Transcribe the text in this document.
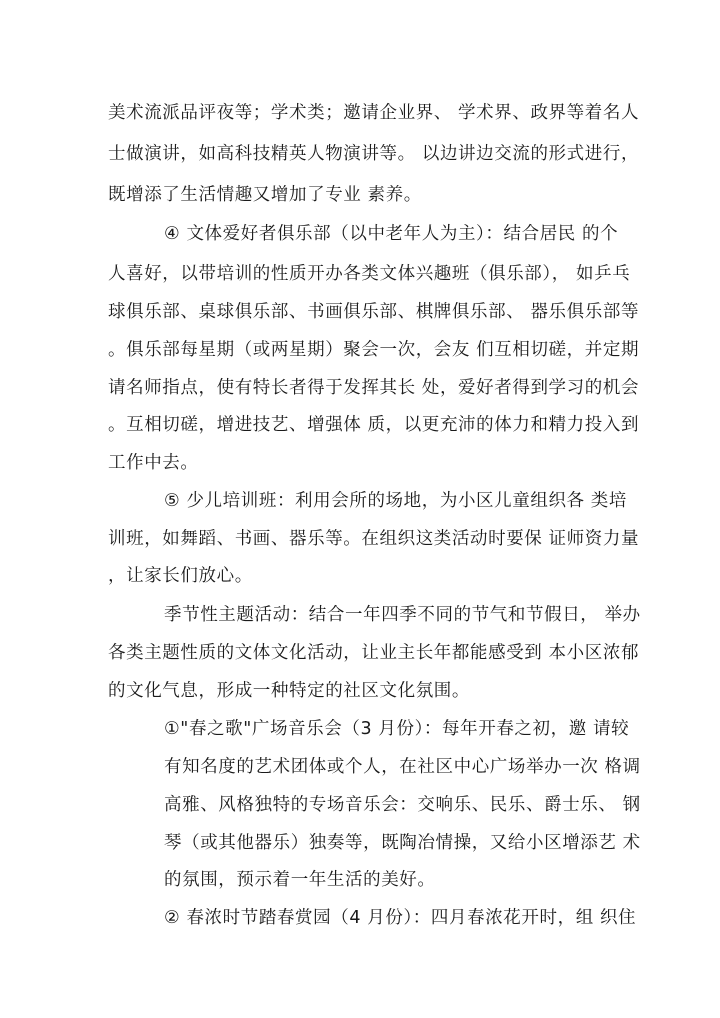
美术流派品评夜等；学术类；邀请企业界、 学术界、政界等着名人
士做演讲，如高科技精英人物演讲等。 以边讲边交流的形式进行，
既增添了生活情趣又增加了专业 素养。
④ 文体爱好者俱乐部（以中老年人为主）：结合居民 的个
人喜好，以带培训的性质开办各类文体兴趣班（俱乐部）， 如乒乓
球俱乐部、桌球俱乐部、书画俱乐部、棋牌俱乐部、 器乐俱乐部等
。俱乐部每星期（或两星期）聚会一次，会友 们互相切磋，并定期
请名师指点，使有特长者得于发挥其长 处，爱好者得到学习的机会
。互相切磋，增进技艺、增强体 质，以更充沛的体力和精力投入到
工作中去。
⑤ 少儿培训班：利用会所的场地，为小区儿童组织各 类培
训班，如舞蹈、书画、器乐等。在组织这类活动时要保 证师资力量
，让家长们放心。
季节性主题活动：结合一年四季不同的节气和节假日， 举办
各类主题性质的文体文化活动，让业主长年都能感受到 本小区浓郁
的文化气息，形成一种特定的社区文化氛围。
①"春之歌"广场音乐会（3 月份）：每年开春之初，邀 请较
有知名度的艺术团体或个人，在社区中心广场举办一次 格调
高雅、风格独特的专场音乐会：交响乐、民乐、爵士乐、 钢
琴（或其他器乐）独奏等，既陶冶情操，又给小区增添艺 术
的氛围，预示着一年生活的美好。
② 春浓时节踏春赏园（4 月份）：四月春浓花开时，组 织住
